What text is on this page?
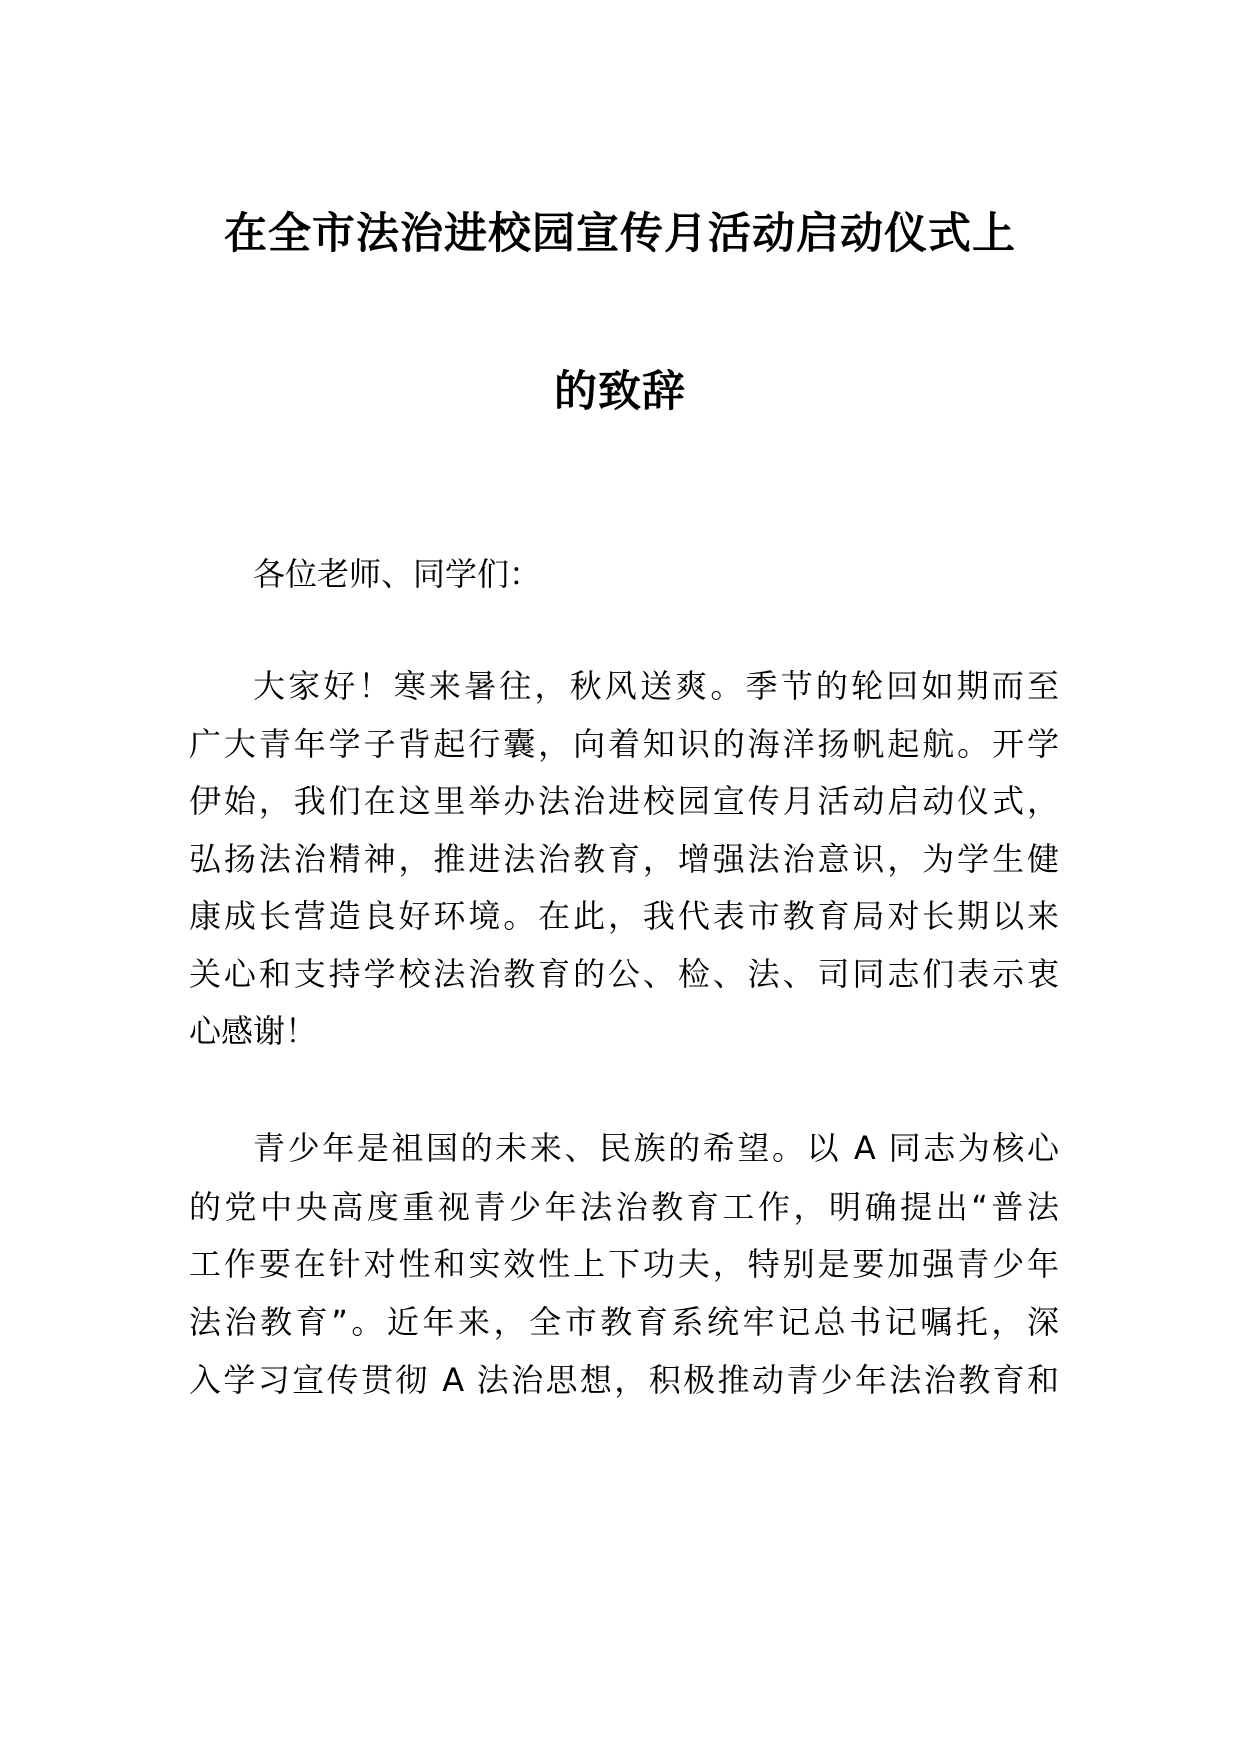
在全市法治进校园宣传月活动启动仪式上
的致辞
各位老师、同学们：
大家好！寒来暑往，秋风送爽。季节的轮回如期而至
广大青年学子背起行囊，向着知识的海洋扬帆起航。开学
伊始，我们在这里举办法治进校园宣传月活动启动仪式，
弘扬法治精神，推进法治教育，增强法治意识，为学生健
康成长营造良好环境。在此，我代表市教育局对长期以来
关心和支持学校法治教育的公、检、法、司同志们表示衷
心感谢！
青少年是祖国的未来、民族的希望。以 A 同志为核心
的党中央高度重视青少年法治教育工作，明确提出“普法
工作要在针对性和实效性上下功夫，特别是要加强青少年
法治教育”。近年来，全市教育系统牢记总书记嘱托，深
入学习宣传贯彻 A 法治思想，积极推动青少年法治教育和
